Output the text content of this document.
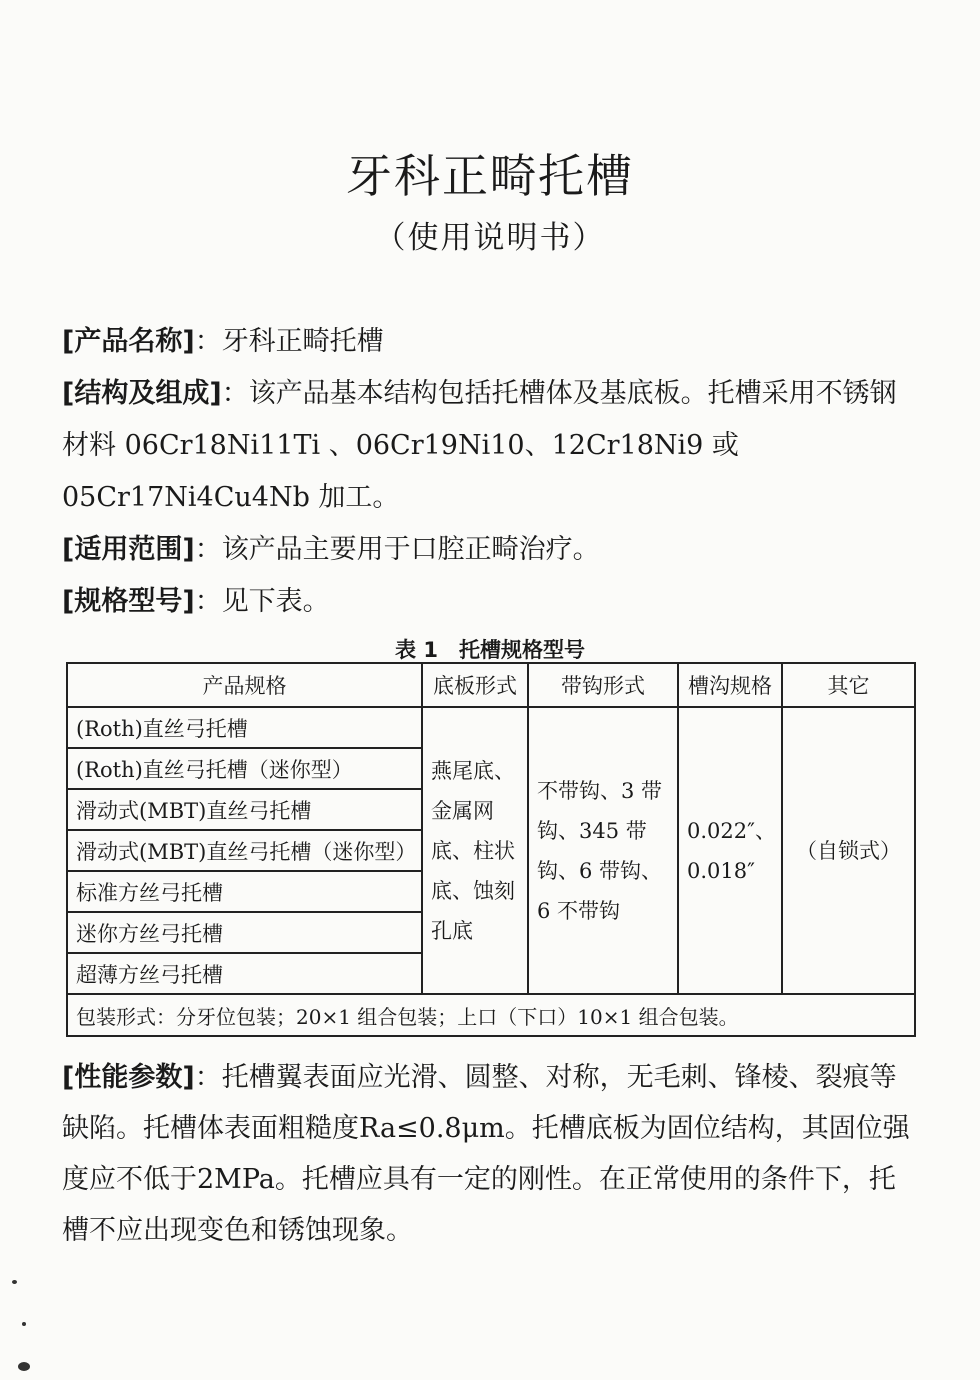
牙科正畸托槽
（使用说明书）
[产品名称]：牙科正畸托槽
[结构及组成]：该产品基本结构包括托槽体及基底板。托槽采用不锈钢材料 06Cr18Ni11Ti 、06Cr19Ni10、12Cr18Ni9 或 05Cr17Ni4Cu4Nb 加工。
[适用范围]：该产品主要用于口腔正畸治疗。
[规格型号]：见下表。
表 1　托槽规格型号
产品规格	底板形式	带钩形式	槽沟规格	其它
(Roth)直丝弓托槽	燕尾底、金属网底、柱状底、蚀刻孔底	不带钩、3 带钩、345 带钩、6 带钩、6 不带钩	0.022″、0.018″	（自锁式）
(Roth)直丝弓托槽（迷你型）				
滑动式(MBT)直丝弓托槽				
滑动式(MBT)直丝弓托槽（迷你型）				
标准方丝弓托槽				
迷你方丝弓托槽				
超薄方丝弓托槽				
包装形式：分牙位包装；20×1 组合包装；上口（下口）10×1 组合包装。				
[性能参数]：托槽翼表面应光滑、圆整、对称，无毛刺、锋棱、裂痕等缺陷。托槽体表面粗糙度Ra≤0.8μm。托槽底板为固位结构，其固位强度应不低于2MPa。托槽应具有一定的刚性。在正常使用的条件下，托槽不应出现变色和锈蚀现象。
